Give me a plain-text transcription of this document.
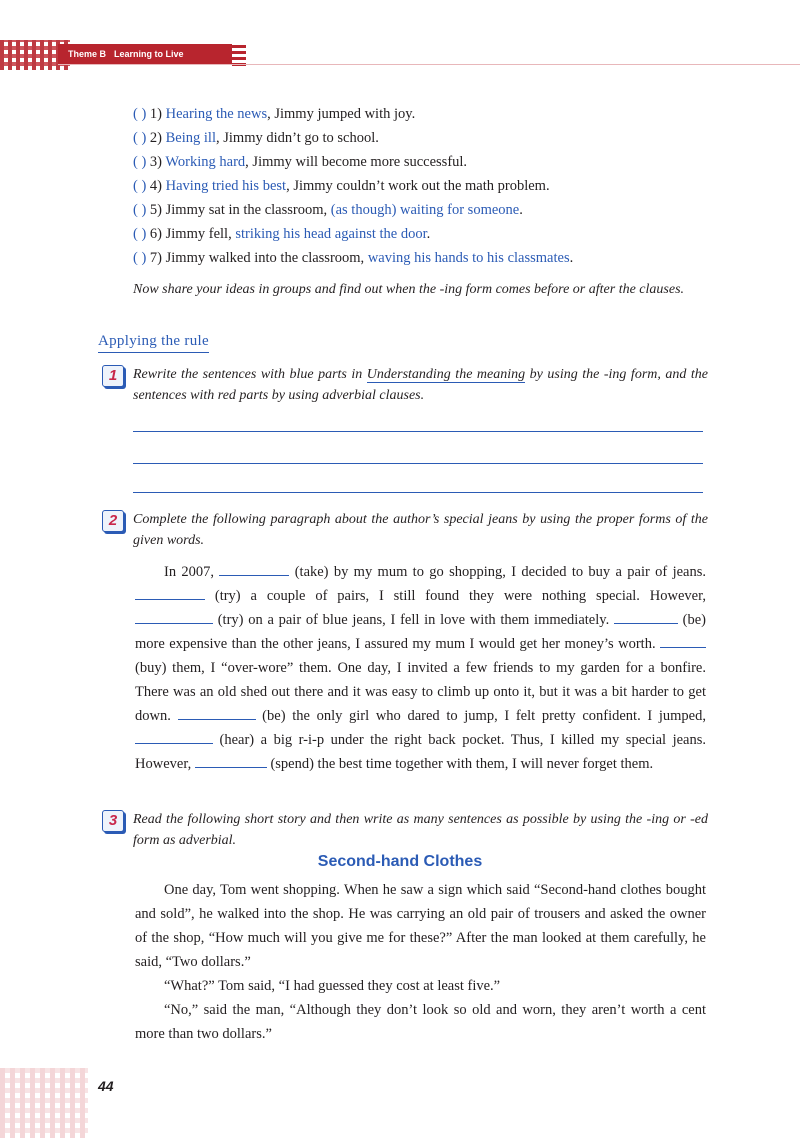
Theme B Learning to Live
( ) 1) Hearing the news, Jimmy jumped with joy.
( ) 2) Being ill, Jimmy didn’t go to school.
( ) 3) Working hard, Jimmy will become more successful.
( ) 4) Having tried his best, Jimmy couldn’t work out the math problem.
( ) 5) Jimmy sat in the classroom, (as though) waiting for someone.
( ) 6) Jimmy fell, striking his head against the door.
( ) 7) Jimmy walked into the classroom, waving his hands to his classmates.
Now share your ideas in groups and find out when the -ing form comes before or after the clauses.
Applying the rule
1	Rewrite the sentences with blue parts in Understanding the meaning by using the -ing form, and the sentences with red parts by using adverbial clauses.
2	Complete the following paragraph about the author’s special jeans by using the proper forms of the given words.
In 2007,	(take) by my mum to go shopping, I decided to buy a pair of jeans.  (try) a couple of pairs, I still found they were nothing special. However,  (try) on a pair of blue jeans, I fell in love with them immediately.	(be) more expensive than the other jeans, I assured my mum I would get her money’s worth.  (buy) them, I “over-wore” them. One day, I invited a few friends to my garden for a bonfire. There was an old shed out there and it was easy to climb up onto it, but it was a bit harder to get down.	(be) the only girl who dared to jump, I felt pretty confident. I jumped,  (hear) a big r-i-p under the right back pocket. Thus, I killed my special jeans. However,	(spend) the best time together with them, I will never forget them.
3	Read the following short story and then write as many sentences as possible by using the -ing or -ed form as adverbial.
Second-hand Clothes
One day, Tom went shopping. When he saw a sign which said “Second-hand clothes bought and sold”, he walked into the shop. He was carrying an old pair of trousers and asked the owner of the shop, “How much will you give me for these?” After the man looked at them carefully, he said, “Two dollars.”
“What?” Tom said, “I had guessed they cost at least five.”
“No,” said the man, “Although they don’t look so old and worn, they aren’t worth a cent more than two dollars.”
44
